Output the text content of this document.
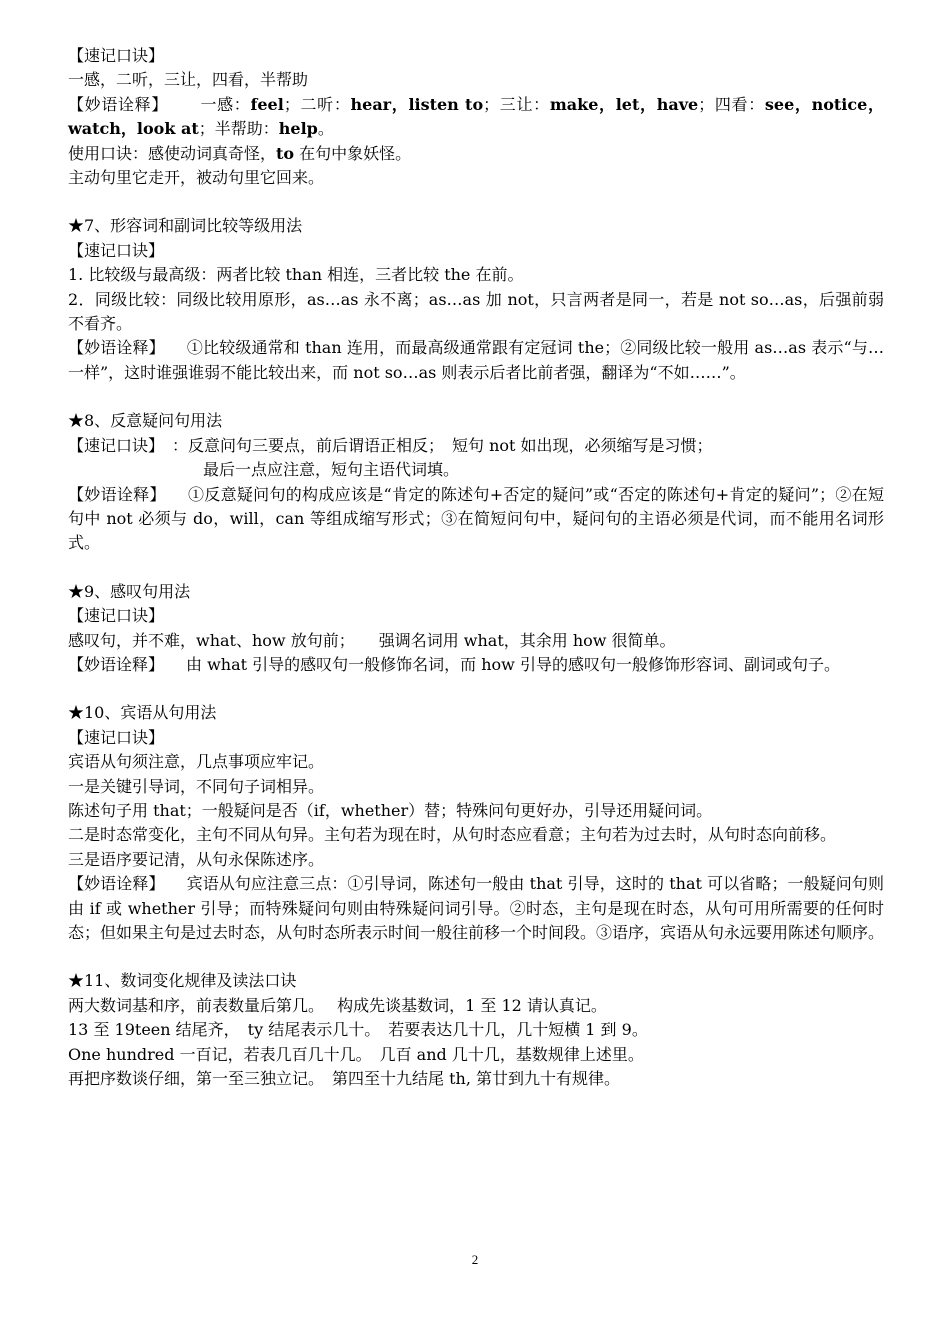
【速记口诀】
一感，二听，三让，四看，半帮助
【妙语诠释】 一感：feel；二听：hear，listen to；三让：make，let，have；四看：see，notice，watch，look at；半帮助：help。
使用口诀：感使动词真奇怪，to 在句中象妖怪。
主动句里它走开，被动句里它回来。
★7、形容词和副词比较等级用法
【速记口诀】
1. 比较级与最高级：两者比较 than 相连，三者比较 the 在前。
2．同级比较：同级比较用原形，as…as 永不离；as…as 加 not，只言两者是同一，若是 not so…as，后强前弱不看齐。
【妙语诠释】 ①比较级通常和 than 连用，而最高级通常跟有定冠词 the；②同级比较一般用 as…as 表示“与…一样”，这时谁强谁弱不能比较出来，而 not so…as 则表示后者比前者强，翻译为“不如……”。
★8、反意疑问句用法
【速记口诀】 ：反意问句三要点，前后谓语正相反；　短句 not 如出现，必须缩写是习惯；
最后一点应注意，短句主语代词填。
【妙语诠释】 ①反意疑问句的构成应该是“肯定的陈述句+否定的疑问”或“否定的陈述句+肯定的疑问”；②在短句中 not 必须与 do，will，can 等组成缩写形式；③在简短问句中，疑问句的主语必须是代词，而不能用名词形式。
★9、感叹句用法
【速记口诀】
感叹句，并不难，what、how 放句前；　　强调名词用 what，其余用 how 很简单。
【妙语诠释】 由 what 引导的感叹句一般修饰名词，而 how 引导的感叹句一般修饰形容词、副词或句子。
★10、宾语从句用法
【速记口诀】
宾语从句须注意，几点事项应牢记。
一是关键引导词，不同句子词相异。
陈述句子用 that；一般疑问是否（if，whether）替；特殊问句更好办，引导还用疑问词。
二是时态常变化，主句不同从句异。主句若为现在时，从句时态应看意；主句若为过去时，从句时态向前移。
三是语序要记清，从句永保陈述序。
【妙语诠释】 宾语从句应注意三点：①引导词，陈述句一般由 that 引导，这时的 that 可以省略；一般疑问句则由 if 或 whether 引导；而特殊疑问句则由特殊疑问词引导。②时态，主句是现在时态，从句可用所需要的任何时态；但如果主句是过去时态，从句时态所表示时间一般往前移一个时间段。③语序，宾语从句永远要用陈述句顺序。
★11、数词变化规律及读法口诀
两大数词基和序，前表数量后第几。　 构成先谈基数词，1 至 12 请认真记。
13 至 19teen 结尾齐，　ty 结尾表示几十。　若要表达几十几，几十短横 1 到 9。
One hundred 一百记，若表几百几十几。　几百 and 几十几，基数规律上述里。
再把序数谈仔细，第一至三独立记。　第四至十九结尾 th, 第廿到九十有规律。
2
